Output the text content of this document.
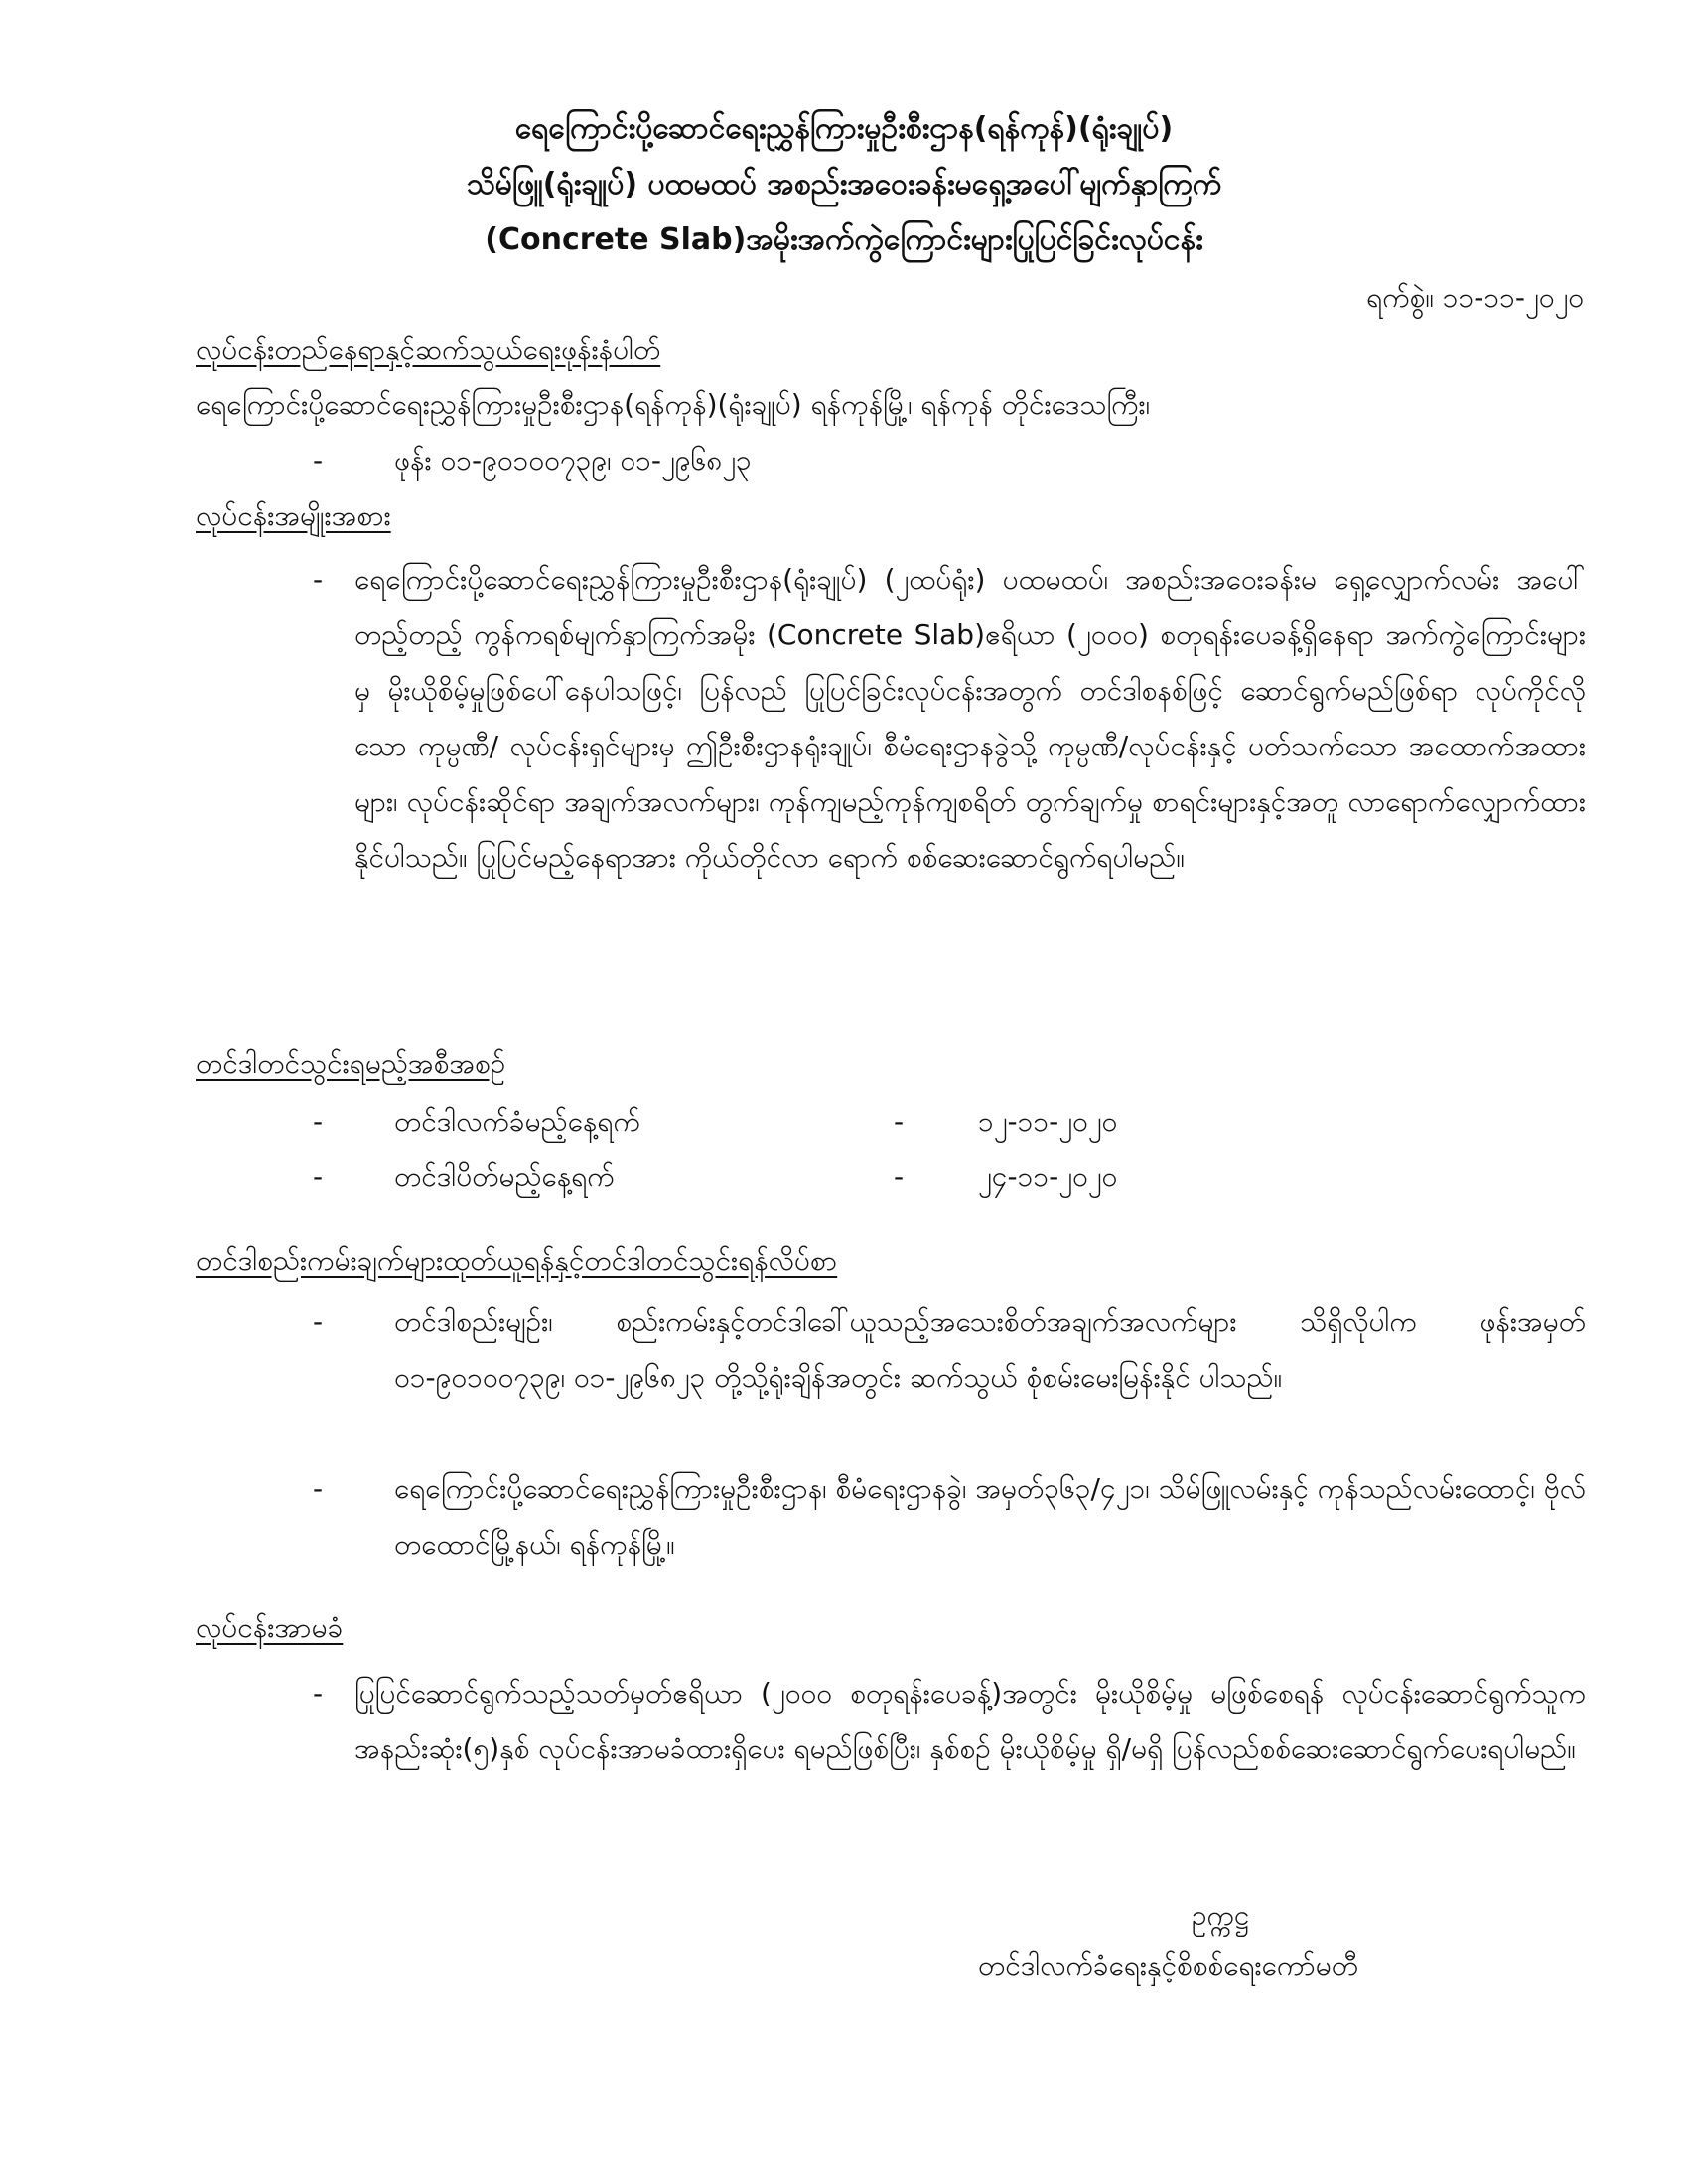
ရေကြောင်းပို့ဆောင်ရေးညွှန်ကြားမှုဦးစီးဌာန(ရန်ကုန်)(ရုံးချုပ်)
သိမ်ဖြူ(ရုံးချုပ်) ပထမထပ် အစည်းအဝေးခန်းမရှေ့အပေါ်မျက်နှာကြက်
(Concrete Slab)အမိုးအက်ကွဲကြောင်းများပြုပြင်ခြင်းလုပ်ငန်း
ရက်စွဲ။ ၁၁-၁၁-၂၀၂၀
လုပ်ငန်းတည်နေရာနှင့်ဆက်သွယ်ရေးဖုန်းနံပါတ်
ရေကြောင်းပို့ဆောင်ရေးညွှန်ကြားမှုဦးစီးဌာန(ရန်ကုန်)(ရုံးချုပ်) ရန်ကုန်မြို့၊ ရန်ကုန် တိုင်းဒေသကြီး၊
-	ဖုန်း ၀၁-၉၀၁၀၀၇၃၉၊ ၀၁-၂၉၆၈၂၃
လုပ်ငန်းအမျိုးအစား
- ရေကြောင်းပို့ဆောင်ရေးညွှန်ကြားမှုဦးစီးဌာန(ရုံးချုပ်) (၂ထပ်ရုံး) ပထမထပ်၊ အစည်းအဝေးခန်းမ ရှေ့လျှောက်လမ်း အပေါ်တည့်တည့် ကွန်ကရစ်မျက်နှာကြက်အမိုး (Concrete Slab)ဧရိယာ (၂၀၀၀) စတုရန်းပေခန့်ရှိနေရာ အက်ကွဲကြောင်းများမှ မိုးယိုစိမ့်မှုဖြစ်ပေါ်နေပါသဖြင့်၊ ပြန်လည် ပြုပြင်ခြင်းလုပ်ငန်းအတွက် တင်ဒါစနစ်ဖြင့် ဆောင်ရွက်မည်ဖြစ်ရာ လုပ်ကိုင်လိုသော ကုမ္ပဏီ/ လုပ်ငန်းရှင်များမှ ဤဦးစီးဌာနရုံးချုပ်၊ စီမံရေးဌာနခွဲသို့ ကုမ္ပဏီ/လုပ်ငန်းနှင့် ပတ်သက်သော အထောက်အထားများ၊ လုပ်ငန်းဆိုင်ရာ အချက်အလက်များ၊ ကုန်ကျမည့်ကုန်ကျစရိတ် တွက်ချက်မှု စာရင်းများနှင့်အတူ လာရောက်လျှောက်ထားနိုင်ပါသည်။ ပြုပြင်မည့်နေရာအား ကိုယ်တိုင်လာ ရောက် စစ်ဆေးဆောင်ရွက်ရပါမည်။
တင်ဒါတင်သွင်းရမည့်အစီအစဉ်
-	တင်ဒါလက်ခံမည့်နေ့ရက်	-	၁၂-၁၁-၂၀၂၀
-	တင်ဒါပိတ်မည့်နေ့ရက်	-	၂၄-၁၁-၂၀၂၀
တင်ဒါစည်းကမ်းချက်များထုတ်ယူရန်နှင့်တင်ဒါတင်သွင်းရန်လိပ်စာ
-	တင်ဒါစည်းမျဉ်း၊ စည်းကမ်းနှင့်တင်ဒါခေါ်ယူသည့်အသေးစိတ်အချက်အလက်များ သိရှိလိုပါက ဖုန်းအမှတ် ၀၁-၉၀၁၀၀၇၃၉၊ ၀၁-၂၉၆၈၂၃ တို့သို့ရုံးချိန်အတွင်း ဆက်သွယ် စုံစမ်းမေးမြန်းနိုင် ပါသည်။
-	ရေကြောင်းပို့ဆောင်ရေးညွှန်ကြားမှုဦးစီးဌာန၊ စီမံရေးဌာနခွဲ၊ အမှတ်၃၆၃/၄၂၁၊ သိမ်ဖြူလမ်းနှင့် ကုန်သည်လမ်းထောင့်၊ ဗိုလ်တထောင်မြို့နယ်၊ ရန်ကုန်မြို့။
လုပ်ငန်းအာမခံ
- ပြုပြင်ဆောင်ရွက်သည့်သတ်မှတ်ဧရိယာ (၂၀၀၀ စတုရန်းပေခန့်)အတွင်း မိုးယိုစိမ့်မှု မဖြစ်စေရန် လုပ်ငန်းဆောင်ရွက်သူက အနည်းဆုံး(၅)နှစ် လုပ်ငန်းအာမခံထားရှိပေး ရမည်ဖြစ်ပြီး၊ နှစ်စဉ် မိုးယိုစိမ့်မှု ရှိ/မရှိ ပြန်လည်စစ်ဆေးဆောင်ရွက်ပေးရပါမည်။
ဥက္ကဋ္ဌ
တင်ဒါလက်ခံရေးနှင့်စိစစ်ရေးကော်မတီ
